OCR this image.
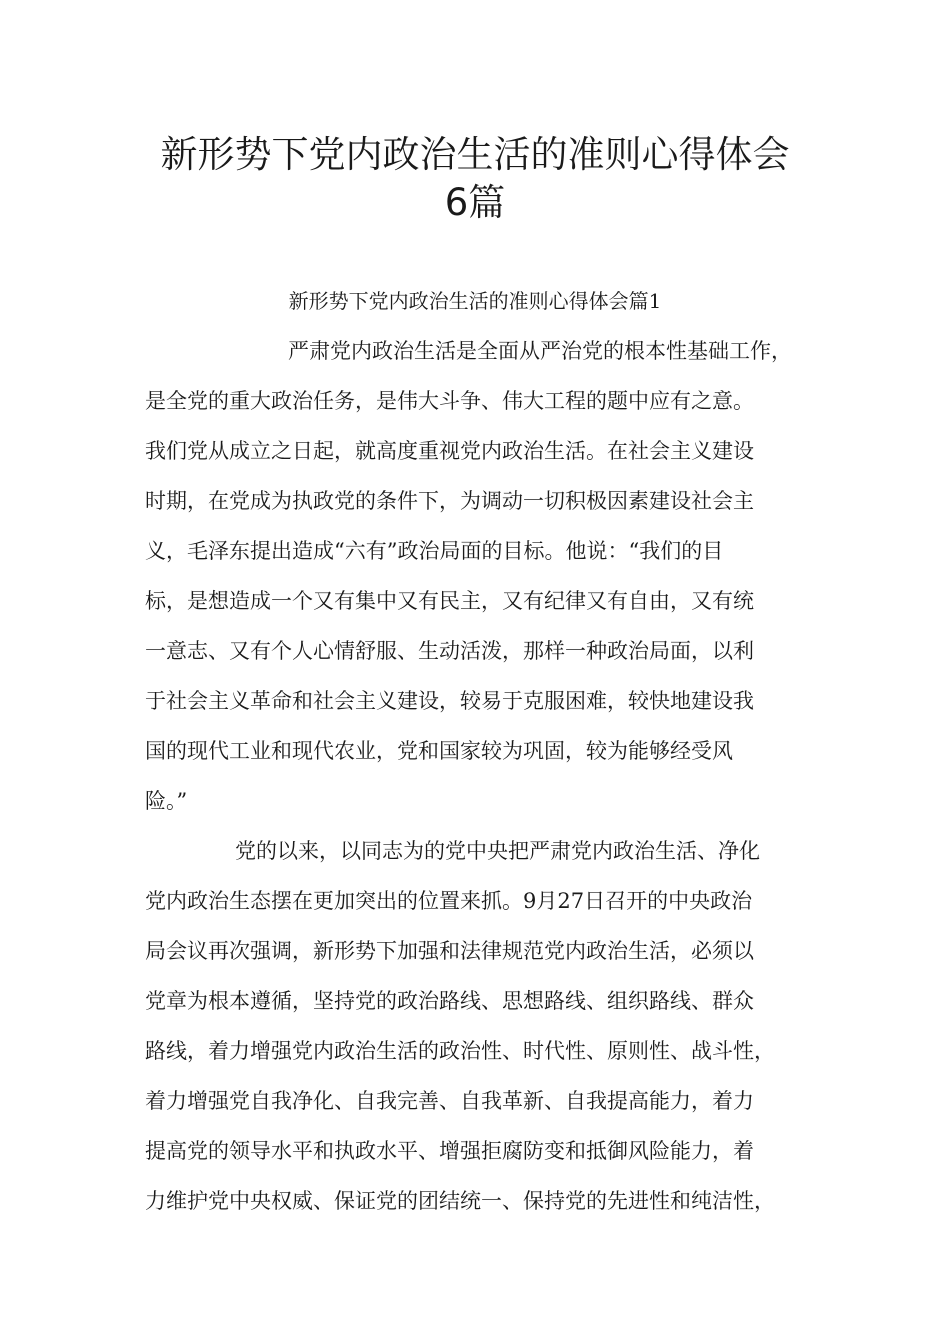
新形势下党内政治生活的准则心得体会
6篇
新形势下党内政治生活的准则心得体会篇1
严肃党内政治生活是全面从严治党的根本性基础工作，
是全党的重大政治任务，是伟大斗争、伟大工程的题中应有之意。
我们党从成立之日起，就高度重视党内政治生活。在社会主义建设
时期，在党成为执政党的条件下，为调动一切积极因素建设社会主
义，毛泽东提出造成“六有”政治局面的目标。他说：“我们的目
标，是想造成一个又有集中又有民主，又有纪律又有自由，又有统
一意志、又有个人心情舒服、生动活泼，那样一种政治局面，以利
于社会主义革命和社会主义建设，较易于克服困难，较快地建设我
国的现代工业和现代农业，党和国家较为巩固，较为能够经受风
险。”
党的以来，以同志为的党中央把严肃党内政治生活、净化
党内政治生态摆在更加突出的位置来抓。9月27日召开的中央政治
局会议再次强调，新形势下加强和法律规范党内政治生活，必须以
党章为根本遵循，坚持党的政治路线、思想路线、组织路线、群众
路线，着力增强党内政治生活的政治性、时代性、原则性、战斗性，
着力增强党自我净化、自我完善、自我革新、自我提高能力，着力
提高党的领导水平和执政水平、增强拒腐防变和抵御风险能力，着
力维护党中央权威、保证党的团结统一、保持党的先进性和纯洁性，
